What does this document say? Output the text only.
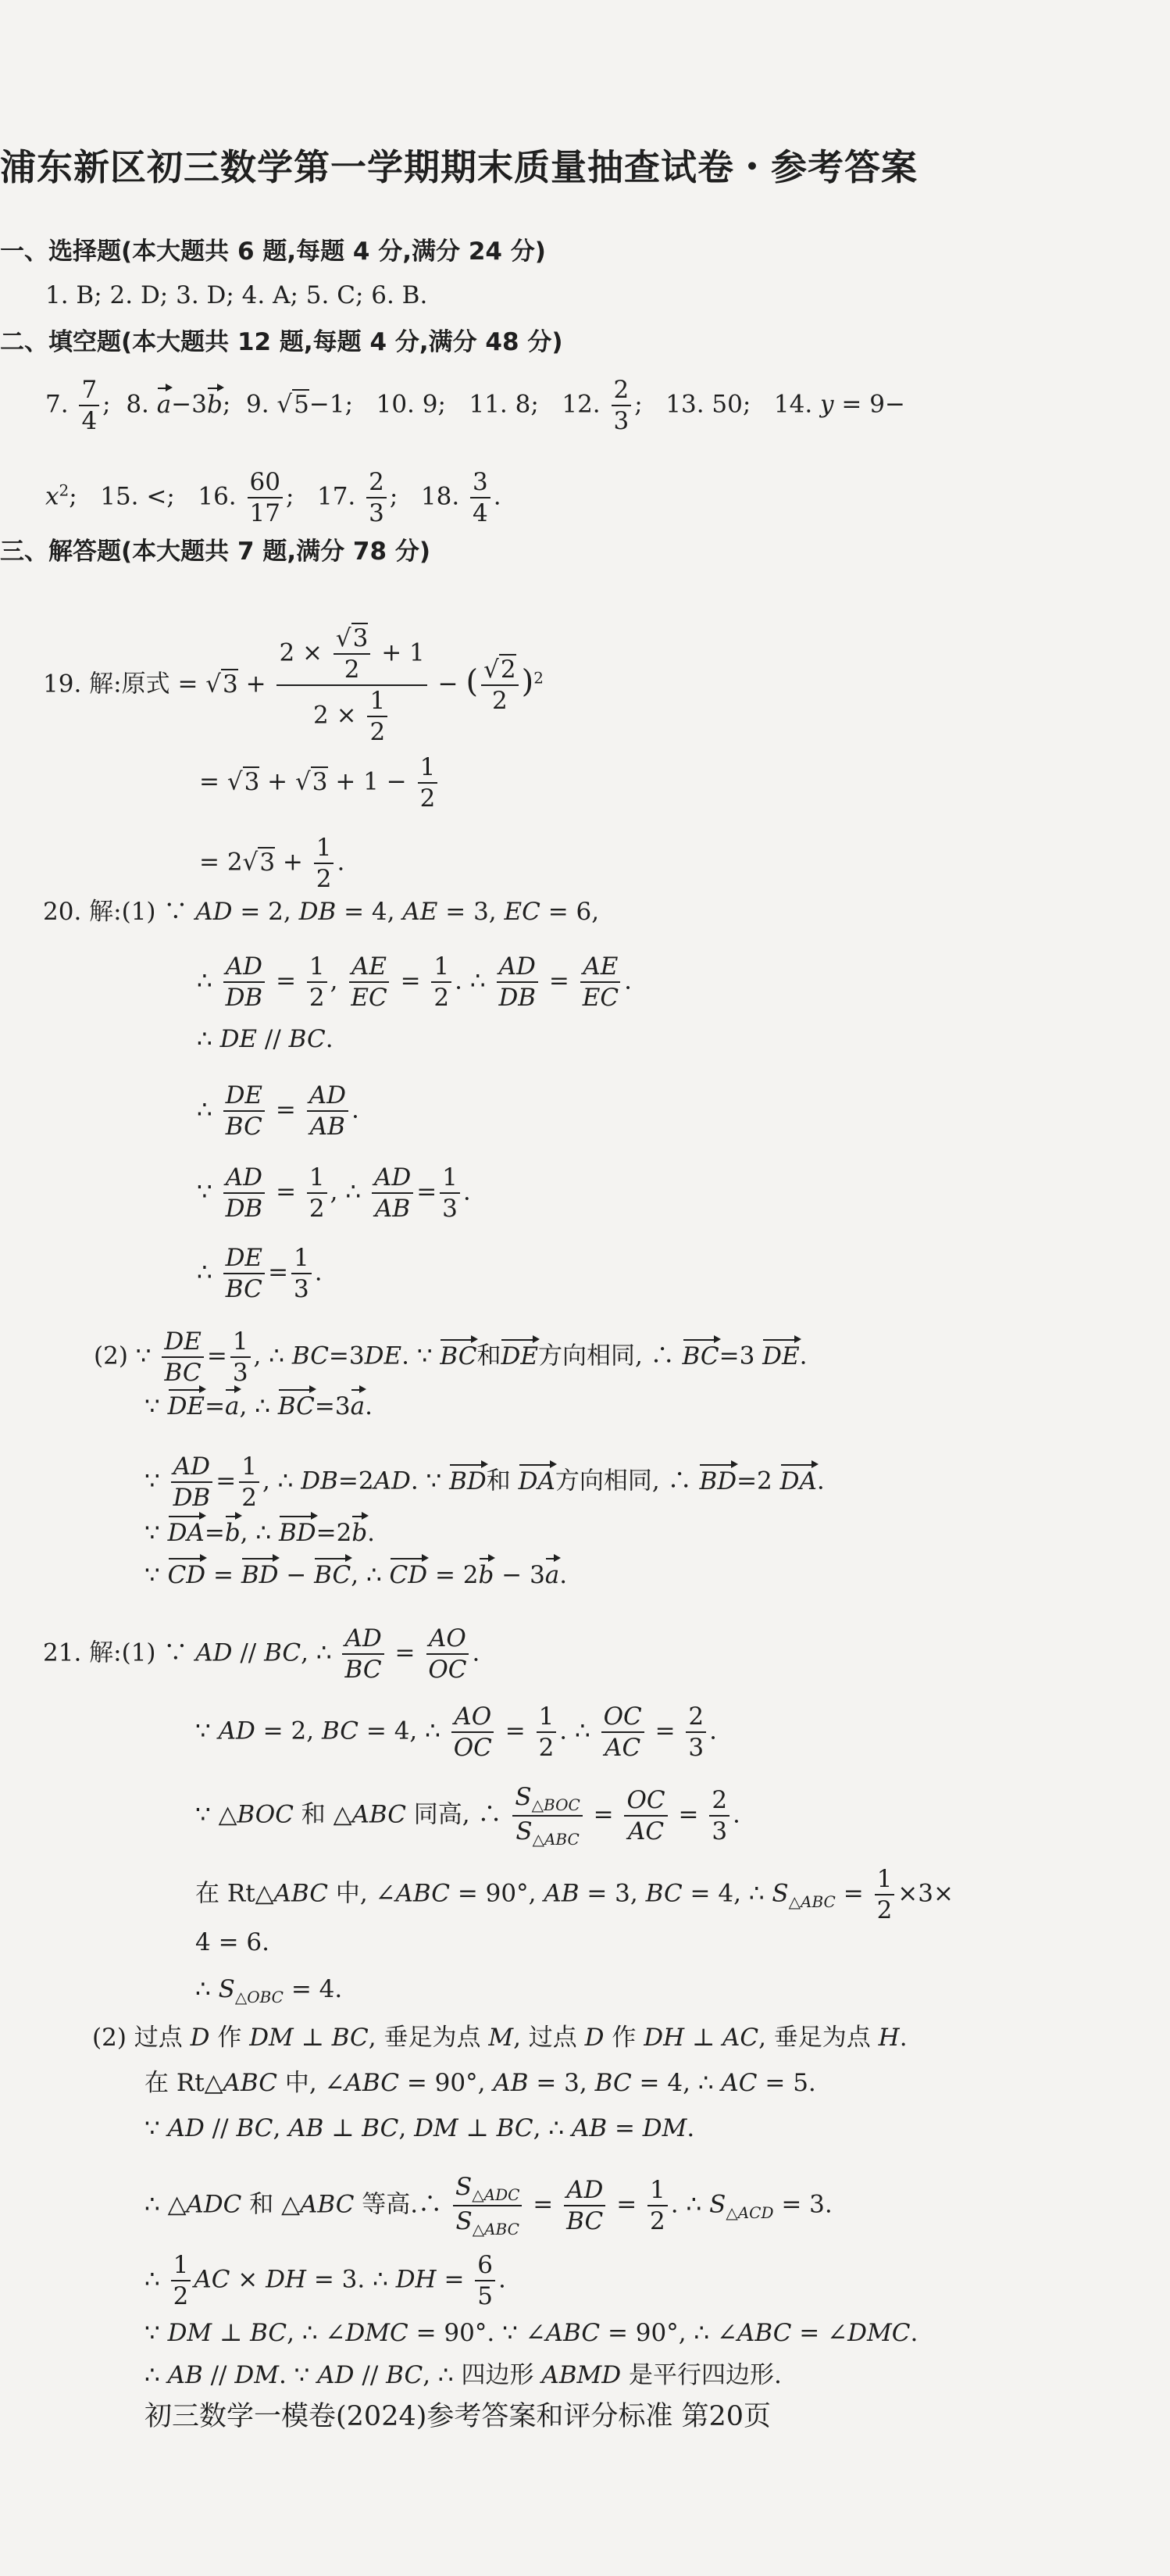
浦东新区初三数学第一学期期末质量抽查试卷・参考答案
一、选择题(本大题共 6 题,每题 4 分,满分 24 分)
1. B; 2. D; 3. D; 4. A; 5. C; 6. B.
二、填空题(本大题共 12 题,每题 4 分,满分 48 分)
7. $\frac{7}{4}$ ;  8. a−3b;  9. √5−1;   10. 9;   11. 8;   12. $\frac{2}{3}$ ;   13. 50;   14. y = 9−
$x^2$;   15. <;   16. $\frac{60}{17}$ ;   17. $\frac{2}{3}$ ;   18. $\frac{3}{4}$ .
三、解答题(本大题共 7 题,满分 78 分)
19. 解:原式 = $√3 + \frac{2 \times \frac{√3}{2} + 1}{2 \times \frac{1}{2}}$ − ( $\frac{√2}{2} )^2$
= $√3 + √3 + 1 - \frac{1}{2}$
= $2√3 + \frac{1}{2}$ .
20. 解:(1) ∵ AD = 2, DB = 4, AE = 3, EC = 6,
∴ $\frac{AD}{DB} = \frac{1}{2}$ , $\frac{AE}{EC} = \frac{1}{2}$ . ∴ $\frac{AD}{DB} = \frac{AE}{EC}$ .
∴ DE // BC.
∴ $\frac{DE}{BC} = \frac{AD}{AB}$ .
∵ $\frac{AD}{DB} = \frac{1}{2}$ , ∴ $\frac{AD}{AB} = \frac{1}{3}$ .
∴ $\frac{DE}{BC} = \frac{1}{3}$ .
(2) ∵ $\frac{DE}{BC} = \frac{1}{3}$ , ∴ BC=3DE. ∵ BC和DE方向相同, ∴ BC=3 DE.
∵ DE=a, ∴ BC=3a.
∵ $\frac{AD}{DB} = \frac{1}{2}$ , ∴ DB=2AD. ∵ BD和 DA方向相同, ∴ BD=2 DA.
∵ DA=b, ∴ BD=2b.
∵ CD = BD − BC, ∴ CD = 2b − 3a.
21. 解:(1) ∵ AD // BC, ∴ $\frac{AD}{BC} = \frac{AO}{OC}$ .
∵ AD = 2, BC = 4, ∴ $\frac{AO}{OC} = \frac{1}{2}$ . ∴ $\frac{OC}{AC} = \frac{2}{3}$ .
∵ △BOC 和 △ABC 同高, ∴
$S_{\triangle BOC}$
$S_{\triangle ABC}$
= $\frac{OC}{AC} = \frac{2}{3}$ .
在 Rt△ABC 中, ∠ABC = 90°, AB = 3, BC = 4, ∴ $S_{\triangle ABC} = \frac{1}{2} \times 3\times$
4 = 6.
∴ $S_{\triangle OBC} = 4$.
(2) 过点 D 作 DM ⊥ BC, 垂足为点 M, 过点 D 作 DH ⊥ AC, 垂足为点 H.
在 Rt△ABC 中, ∠ABC = 90°, AB = 3, BC = 4, ∴ AC = 5.
∵ AD // BC, AB ⊥ BC, DM ⊥ BC, ∴ AB = DM.
∴ △ADC 和 △ABC 等高.∴
$S_{\triangle ADC}$
$S_{\triangle ABC}$
= $\frac{AD}{BC} = \frac{1}{2}$ . ∴ $S_{\triangle ACD} = 3$.
∴ $\frac{1}{2}$ AC × DH = 3. ∴ DH = $\frac{6}{5}$ .
∵ DM ⊥ BC, ∴ ∠DMC = 90°. ∵ ∠ABC = 90°, ∴ ∠ABC = ∠DMC.
∴ AB // DM. ∵ AD // BC, ∴ 四边形 ABMD 是平行四边形.
初三数学一模卷(2024)参考答案和评分标准 第20页
